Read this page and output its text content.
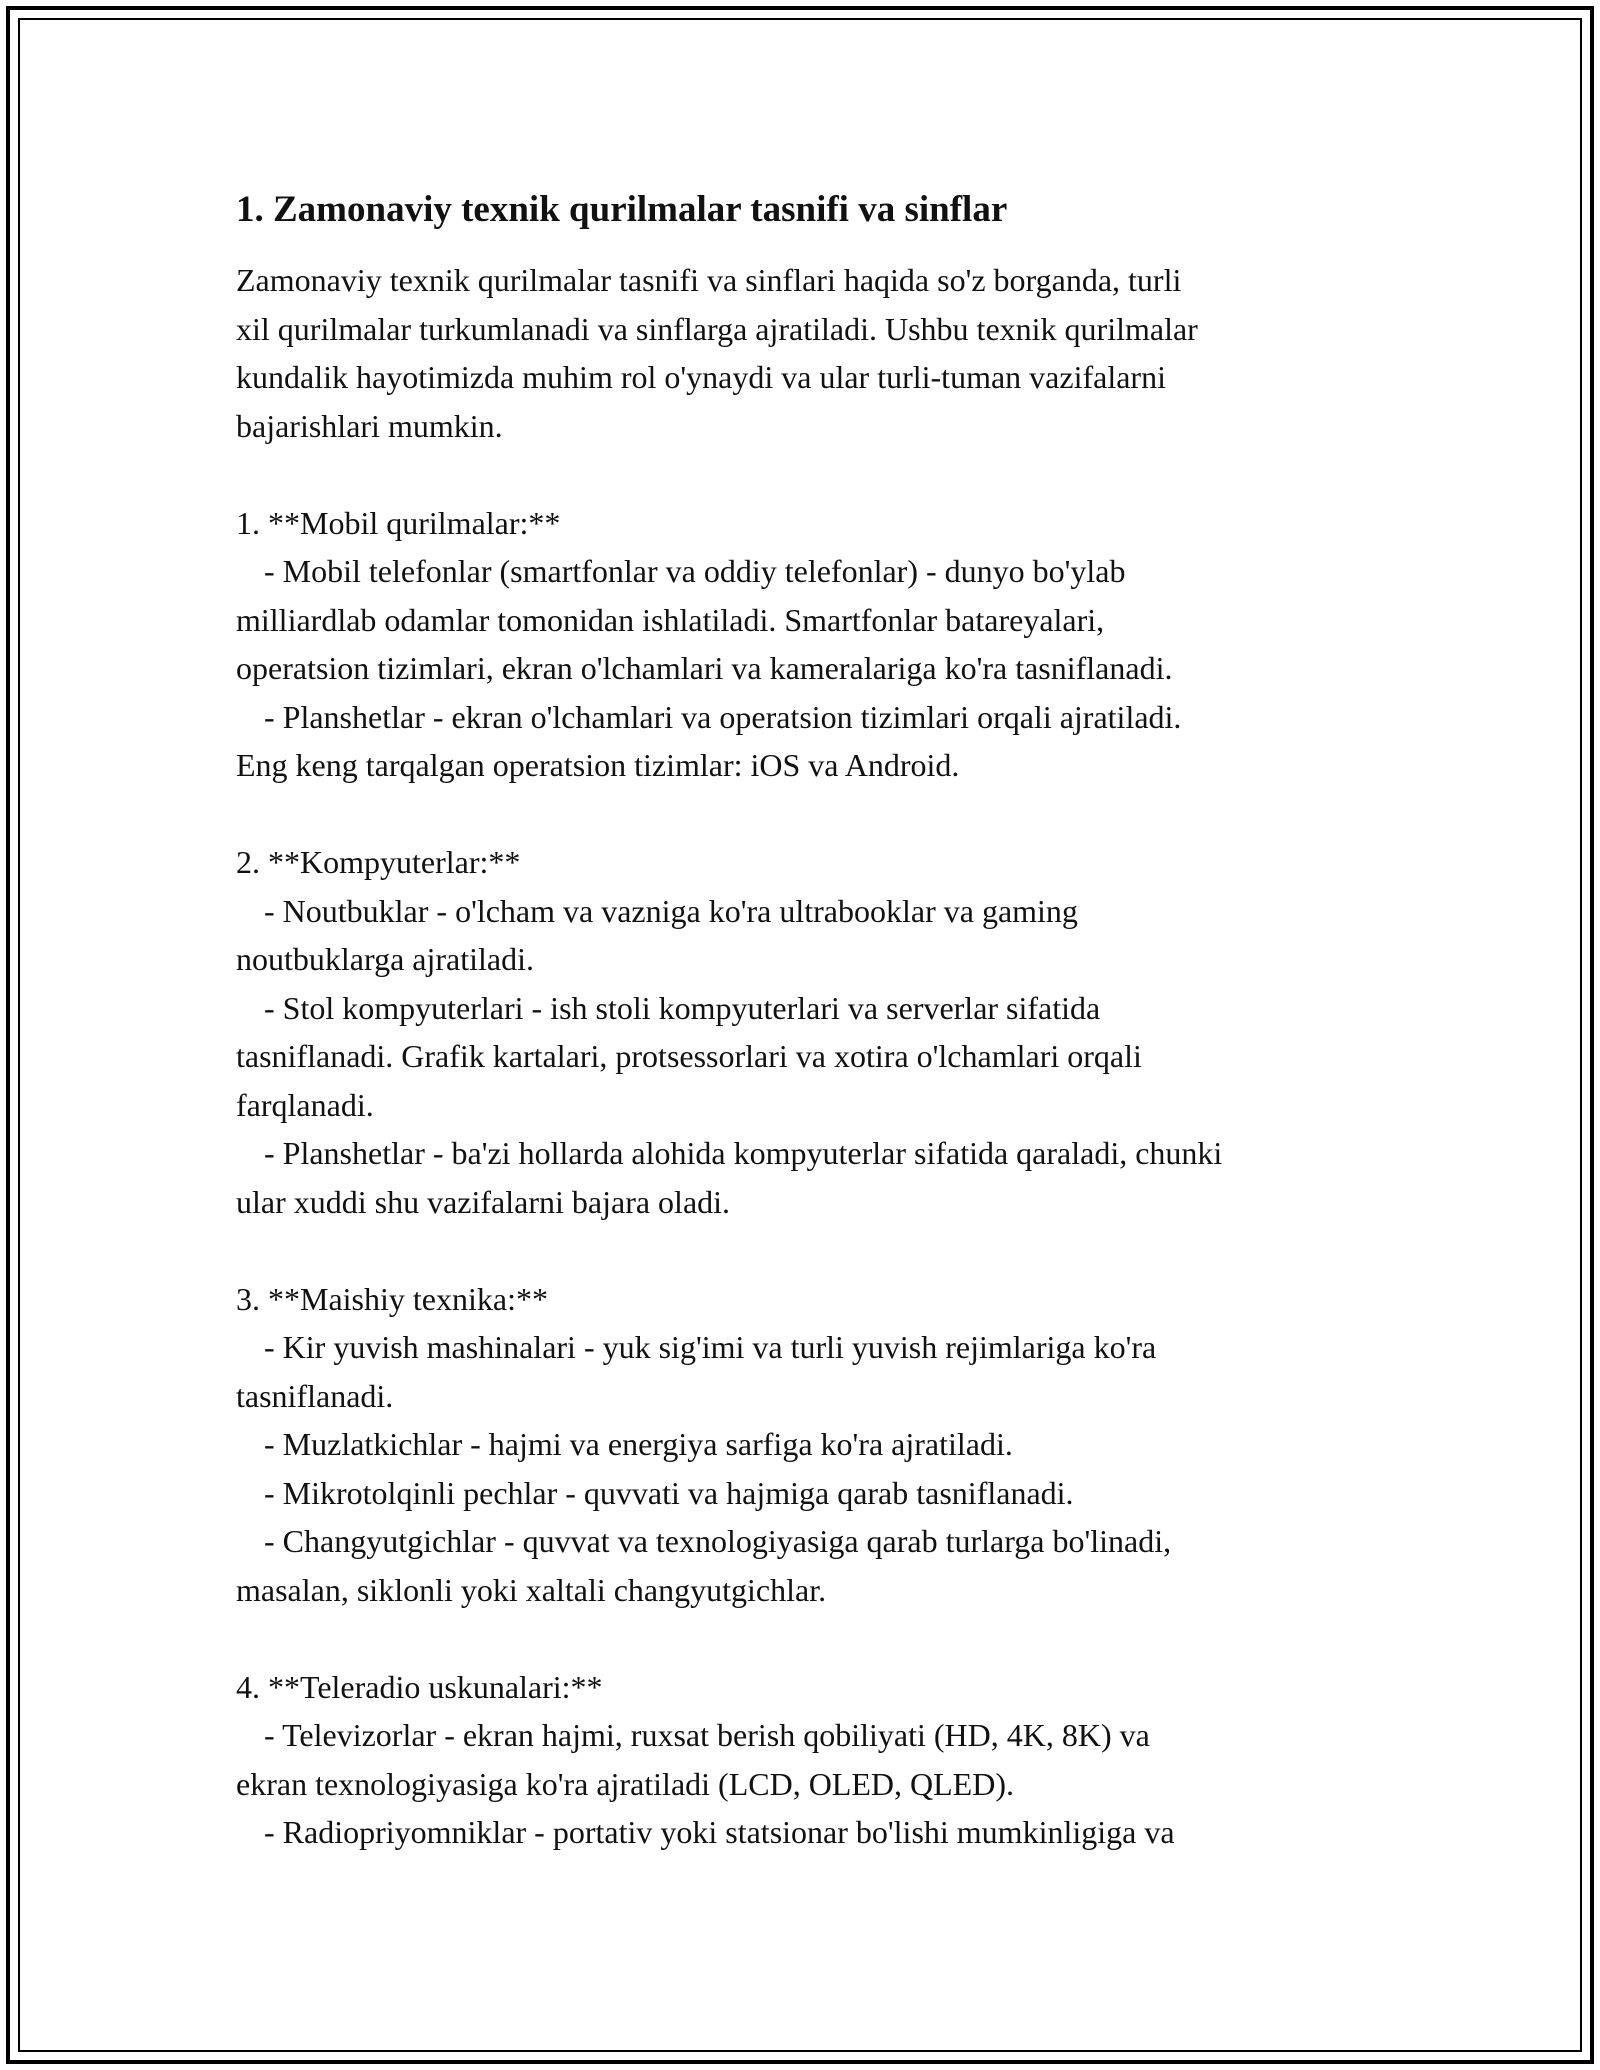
1. Zamonaviy texnik qurilmalar tasnifi va sinflar
Zamonaviy texnik qurilmalar tasnifi va sinflari haqida so'z borganda, turli
xil qurilmalar turkumlanadi va sinflarga ajratiladi. Ushbu texnik qurilmalar
kundalik hayotimizda muhim rol o'ynaydi va ular turli-tuman vazifalarni
bajarishlari mumkin.
1. **Mobil qurilmalar:**
- Mobil telefonlar (smartfonlar va oddiy telefonlar) - dunyo bo'ylab
milliardlab odamlar tomonidan ishlatiladi. Smartfonlar batareyalari,
operatsion tizimlari, ekran o'lchamlari va kameralariga ko'ra tasniflanadi.
- Planshetlar - ekran o'lchamlari va operatsion tizimlari orqali ajratiladi.
Eng keng tarqalgan operatsion tizimlar: iOS va Android.
2. **Kompyuterlar:**
- Noutbuklar - o'lcham va vazniga ko'ra ultrabooklar va gaming
noutbuklarga ajratiladi.
- Stol kompyuterlari - ish stoli kompyuterlari va serverlar sifatida
tasniflanadi. Grafik kartalari, protsessorlari va xotira o'lchamlari orqali
farqlanadi.
- Planshetlar - ba'zi hollarda alohida kompyuterlar sifatida qaraladi, chunki
ular xuddi shu vazifalarni bajara oladi.
3. **Maishiy texnika:**
- Kir yuvish mashinalari - yuk sig'imi va turli yuvish rejimlariga ko'ra
tasniflanadi.
- Muzlatkichlar - hajmi va energiya sarfiga ko'ra ajratiladi.
- Mikrotolqinli pechlar - quvvati va hajmiga qarab tasniflanadi.
- Changyutgichlar - quvvat va texnologiyasiga qarab turlarga bo'linadi,
masalan, siklonli yoki xaltali changyutgichlar.
4. **Teleradio uskunalari:**
- Televizorlar - ekran hajmi, ruxsat berish qobiliyati (HD, 4K, 8K) va
ekran texnologiyasiga ko'ra ajratiladi (LCD, OLED, QLED).
- Radiopriyomniklar - portativ yoki statsionar bo'lishi mumkinligiga va
